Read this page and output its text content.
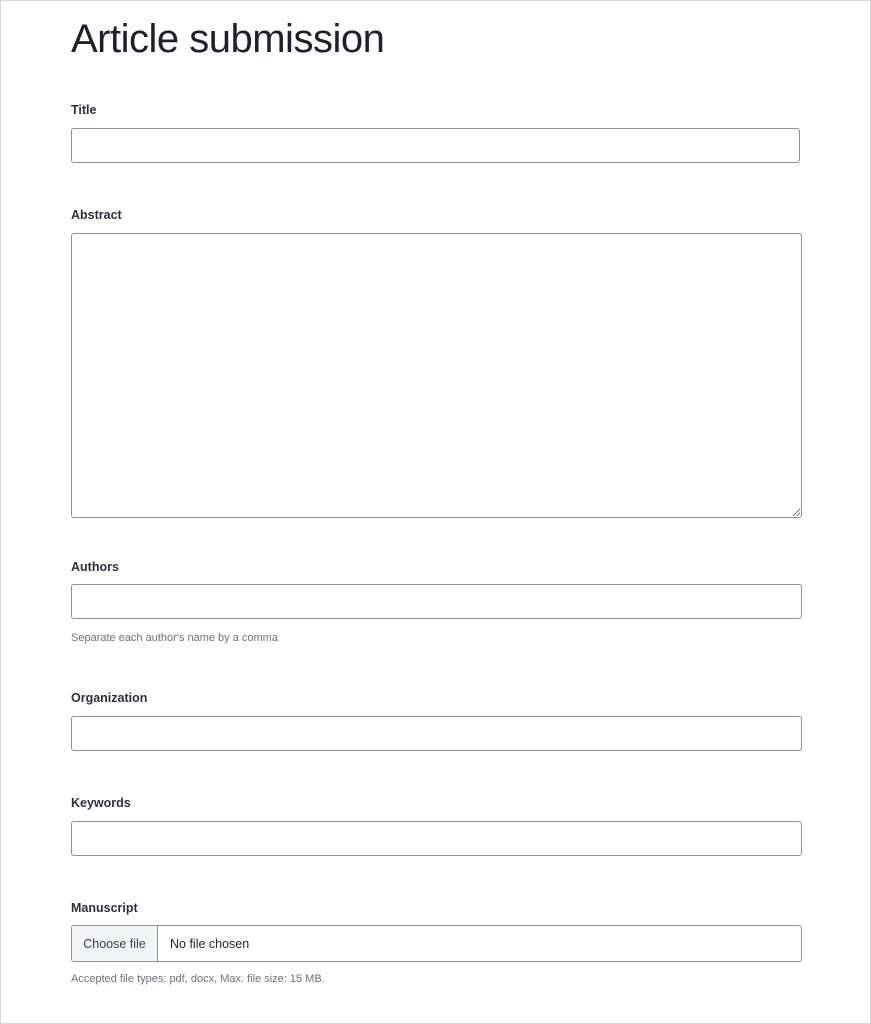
Article submission
Title
Abstract
Authors
Separate each author's name by a comma
Organization
Keywords
Manuscript
Choose file	No file chosen
Accepted file types: pdf, docx, Max. file size: 15 MB.
